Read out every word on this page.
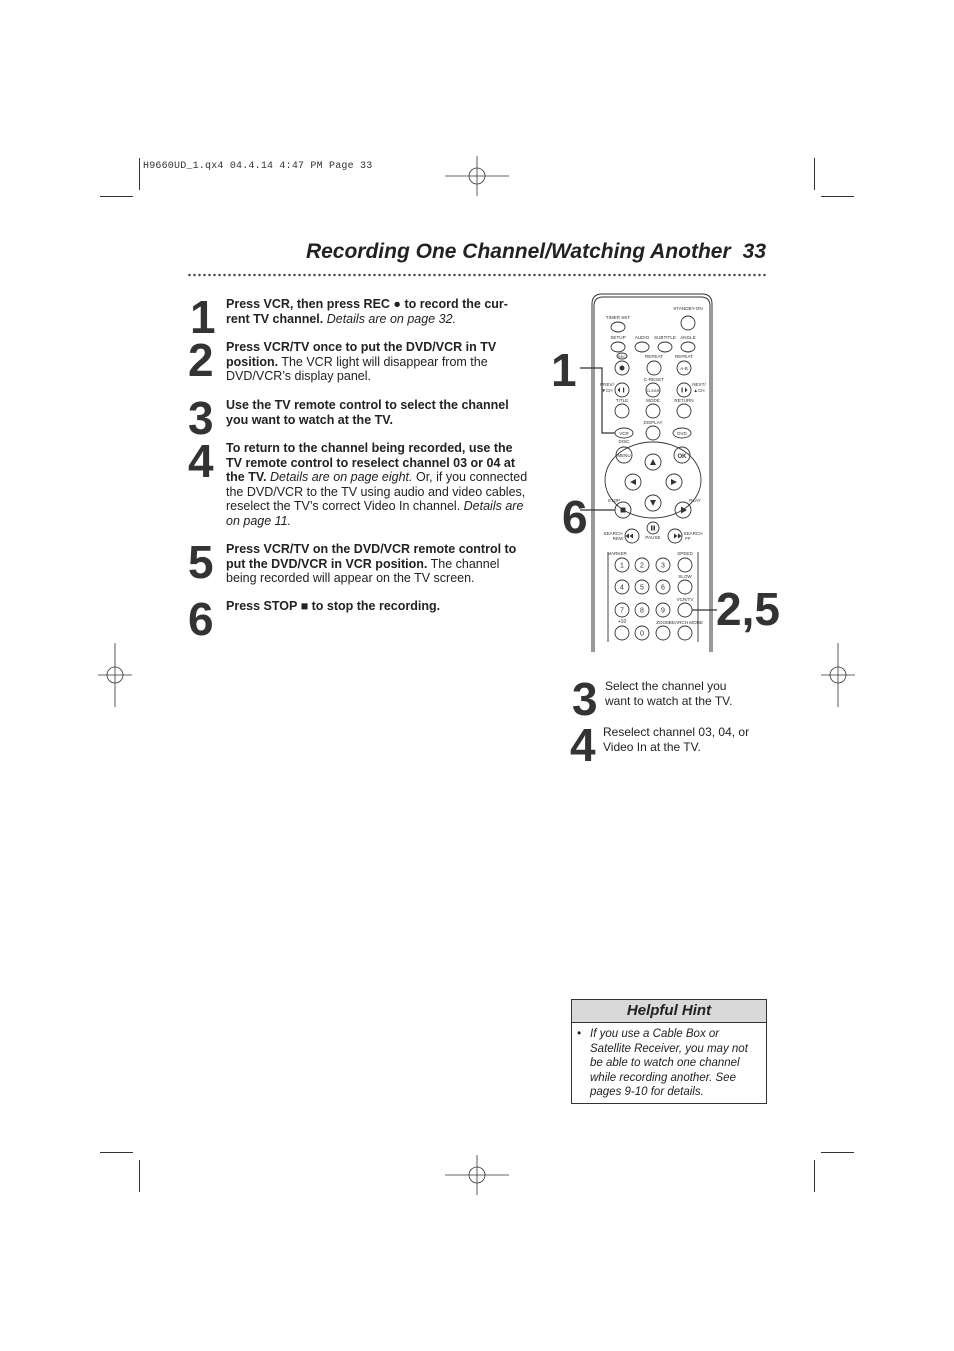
H9660UD_1.qx4 04.4.14 4:47 PM Page 33
Recording One Channel/Watching Another 33
1
2
3
4
5
6
Press VCR, then press REC ● to record the cur- rent TV channel. Details are on page 32.
Press VCR/TV once to put the DVD/VCR in TV position. The VCR light will disappear from the DVD/VCR’s display panel.
Use the TV remote control to select the channel you want to watch at the TV.
To return to the channel being recorded, use the TV remote control to reselect channel 03 or 04 at the TV. Details are on page eight. Or, if you connected the DVD/VCR to the TV using audio and video cables, reselect the TV’s correct Video In channel. Details are on page 11.
Press VCR/TV on the DVD/VCR remote control to put the DVD/VCR in VCR position. The channel being recorded will appear on the TV screen.
Press STOP ■ to stop the recording.
STANDBY-ON
TIMER SET
SETUP AUDIO SUBTITLE ANGLE
REPEAT	REPEAT
C-RESET
PREV/
▼CH
NEXT/
▲CH
TITLE	MODE	RETURN
DISPLAY
DISC
STOP	PLAY
PAUSE
SEARCH
REW
SEARCH
FF
MARKER	SPEED
SLOW
VCR/TV
ZOOM SEARCH MODE
REC
A-B
CLEAR
VCR	DVD
MENU	OK
+10
1 2 3
4 5 6
7 8 9
0
1
6
2,5
3 Select the channel you
want to watch at the TV.
4 Reselect channel 03, 04, or
Video In at the TV.
Helpful Hint
• If you use a Cable Box or Satellite Receiver, you may not be able to watch one channel while recording another. See pages 9-10 for details.
